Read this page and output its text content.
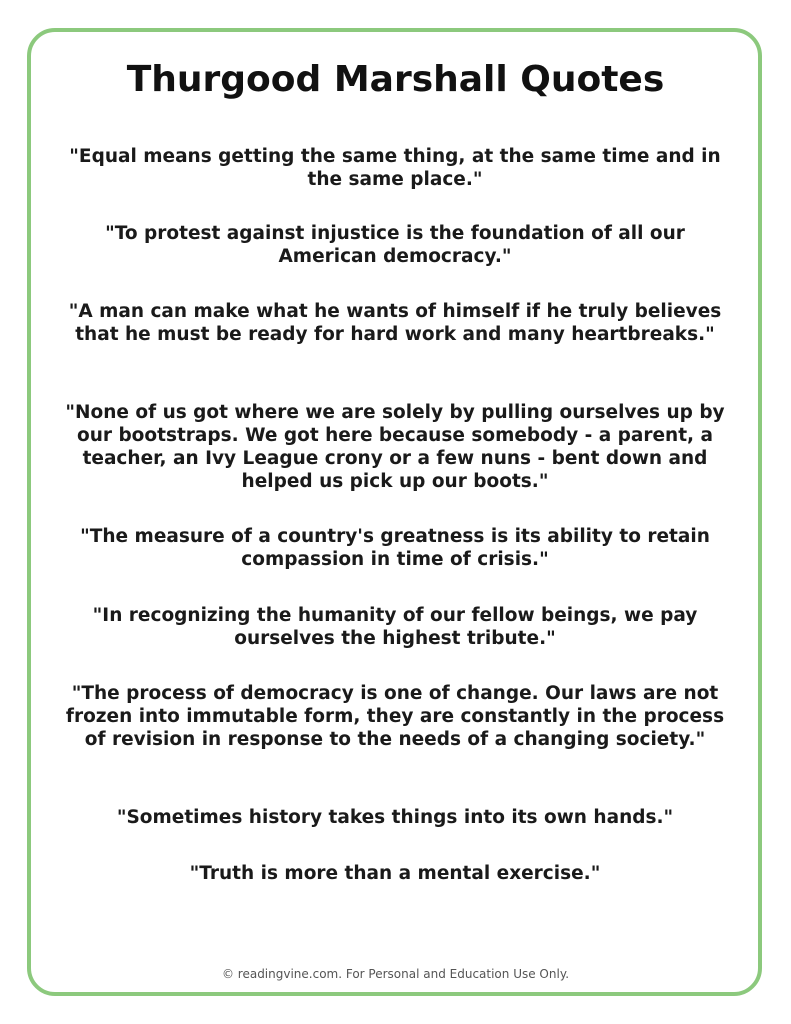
Thurgood Marshall Quotes

"Equal means getting the same thing, at the same time and in the same place."

"To protest against injustice is the foundation of all our American democracy."

"A man can make what he wants of himself if he truly believes that he must be ready for hard work and many heartbreaks."

"None of us got where we are solely by pulling ourselves up by our bootstraps. We got here because somebody - a parent, a teacher, an Ivy League crony or a few nuns - bent down and helped us pick up our boots."

"The measure of a country's greatness is its ability to retain compassion in time of crisis."

"In recognizing the humanity of our fellow beings, we pay ourselves the highest tribute."

"The process of democracy is one of change. Our laws are not frozen into immutable form, they are constantly in the process of revision in response to the needs of a changing society."

"Sometimes history takes things into its own hands."

"Truth is more than a mental exercise."

© readingvine.com. For Personal and Education Use Only.
